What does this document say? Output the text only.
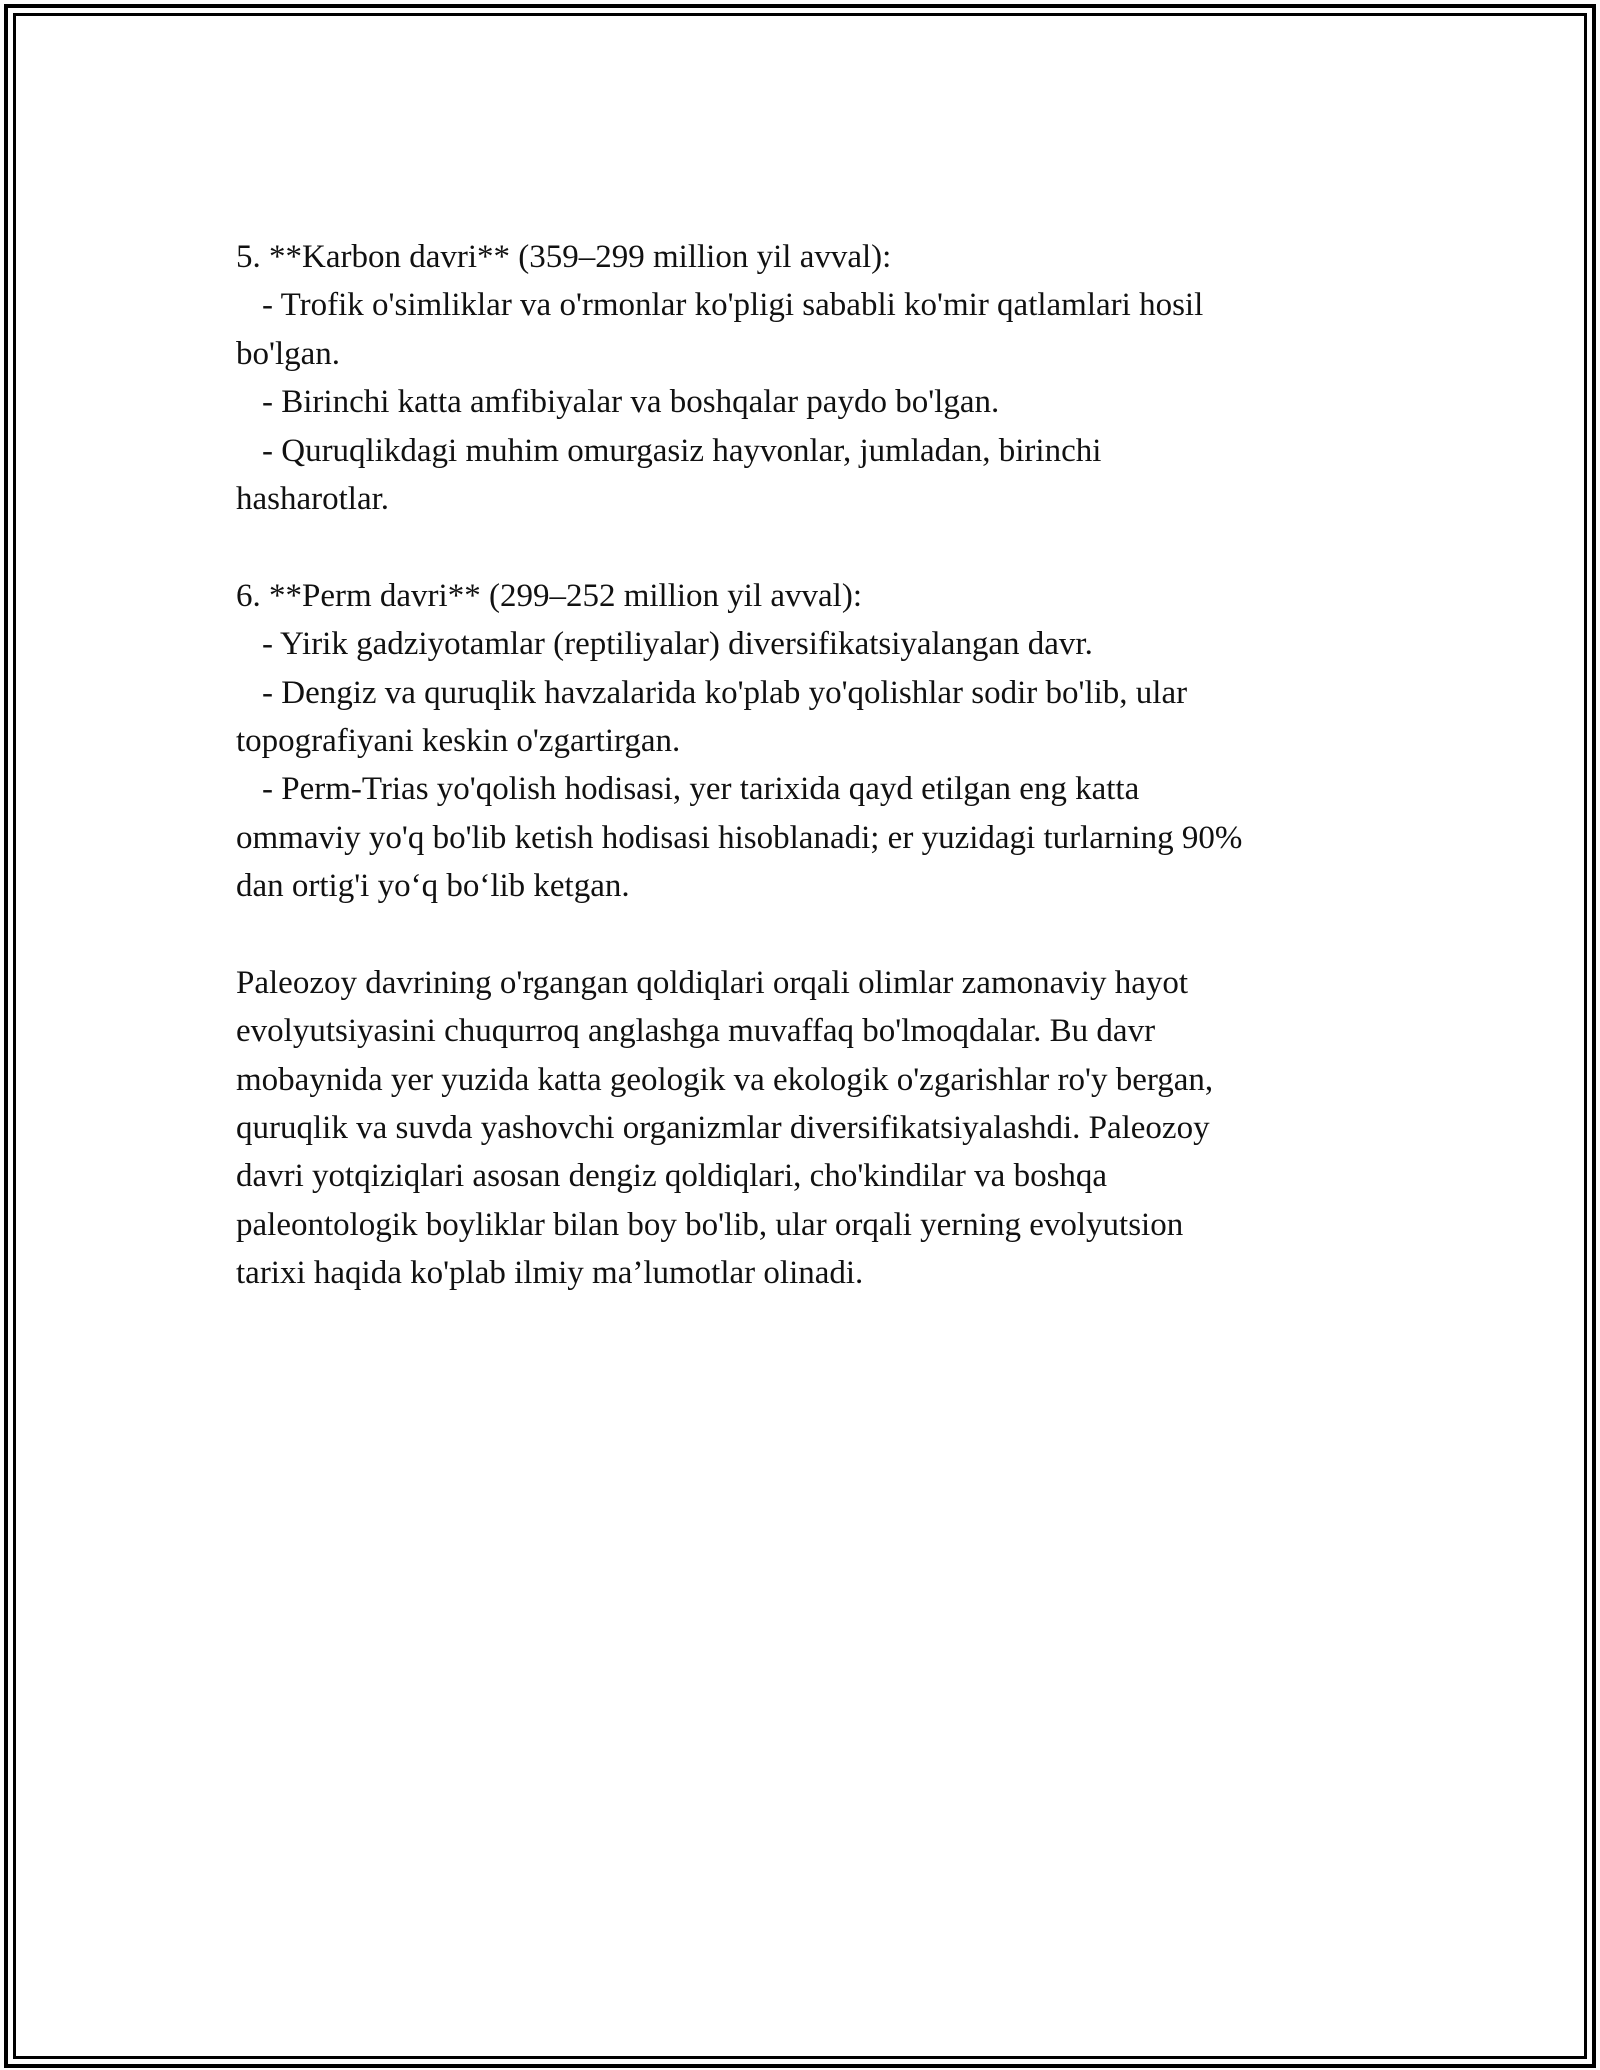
5. **Karbon davri** (359–299 million yil avval):
- Trofik o'simliklar va o'rmonlar ko'pligi sababli ko'mir qatlamlari hosil
bo'lgan.
- Birinchi katta amfibiyalar va boshqalar paydo bo'lgan.
- Quruqlikdagi muhim omurgasiz hayvonlar, jumladan, birinchi
hasharotlar.
6. **Perm davri** (299–252 million yil avval):
- Yirik gadziyotamlar (reptiliyalar) diversifikatsiyalangan davr.
- Dengiz va quruqlik havzalarida ko'plab yo'qolishlar sodir bo'lib, ular
topografiyani keskin o'zgartirgan.
- Perm-Trias yo'qolish hodisasi, yer tarixida qayd etilgan eng katta
ommaviy yo'q bo'lib ketish hodisasi hisoblanadi; er yuzidagi turlarning 90%
dan ortig'i yo‘q bo‘lib ketgan.
Paleozoy davrining o'rgangan qoldiqlari orqali olimlar zamonaviy hayot
evolyutsiyasini chuqurroq anglashga muvaffaq bo'lmoqdalar. Bu davr
mobaynida yer yuzida katta geologik va ekologik o'zgarishlar ro'y bergan,
quruqlik va suvda yashovchi organizmlar diversifikatsiyalashdi. Paleozoy
davri yotqiziqlari asosan dengiz qoldiqlari, cho'kindilar va boshqa
paleontologik boyliklar bilan boy bo'lib, ular orqali yerning evolyutsion
tarixi haqida ko'plab ilmiy ma’lumotlar olinadi.
